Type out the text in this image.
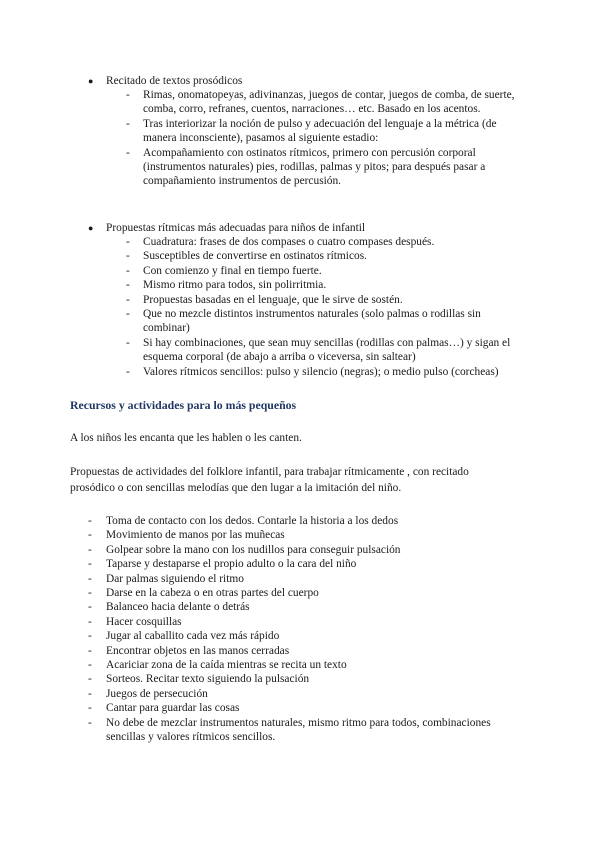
● Recitado de textos prosódicos
- Rimas, onomatopeyas, adivinanzas, juegos de contar, juegos de comba, de suerte, comba, corro, refranes, cuentos, narraciones… etc. Basado en los acentos.
- Tras interiorizar la noción de pulso y adecuación del lenguaje a la métrica (de manera inconsciente), pasamos al siguiente estadio:
- Acompañamiento con ostinatos rítmicos, primero con percusión corporal (instrumentos naturales) pies, rodillas, palmas y pitos; para después pasar a compañamiento instrumentos de percusión.
● Propuestas rítmicas más adecuadas para niños de infantil
- Cuadratura: frases de dos compases o cuatro compases después.
- Susceptibles de convertirse en ostinatos rítmicos.
- Con comienzo y final en tiempo fuerte.
- Mismo ritmo para todos, sin polirritmia.
- Propuestas basadas en el lenguaje, que le sirve de sostén.
- Que no mezcle distintos instrumentos naturales (solo palmas o rodillas sin combinar)
- Si hay combinaciones, que sean muy sencillas (rodillas con palmas…) y sigan el esquema corporal (de abajo a arriba o viceversa, sin saltear)
- Valores rítmicos sencillos: pulso y silencio (negras); o medio pulso (corcheas)
Recursos y actividades para lo más pequeños
A los niños les encanta que les hablen o les canten.
Propuestas de actividades del folklore infantil, para trabajar rítmicamente , con recitado prosódico o con sencillas melodías que den lugar a la imitación del niño.
- Toma de contacto con los dedos. Contarle la historia a los dedos
- Movimiento de manos por las muñecas
- Golpear sobre la mano con los nudillos para conseguir pulsación
- Taparse y destaparse el propio adulto o la cara del niño
- Dar palmas siguiendo el ritmo
- Darse en la cabeza o en otras partes del cuerpo
- Balanceo hacia delante o detrás
- Hacer cosquillas
- Jugar al caballito cada vez más rápido
- Encontrar objetos en las manos cerradas
- Acariciar zona de la caída mientras se recita un texto
- Sorteos. Recitar texto siguiendo la pulsación
- Juegos de persecución
- Cantar para guardar las cosas
- No debe de mezclar instrumentos naturales, mismo ritmo para todos, combinaciones sencillas y valores rítmicos sencillos.
